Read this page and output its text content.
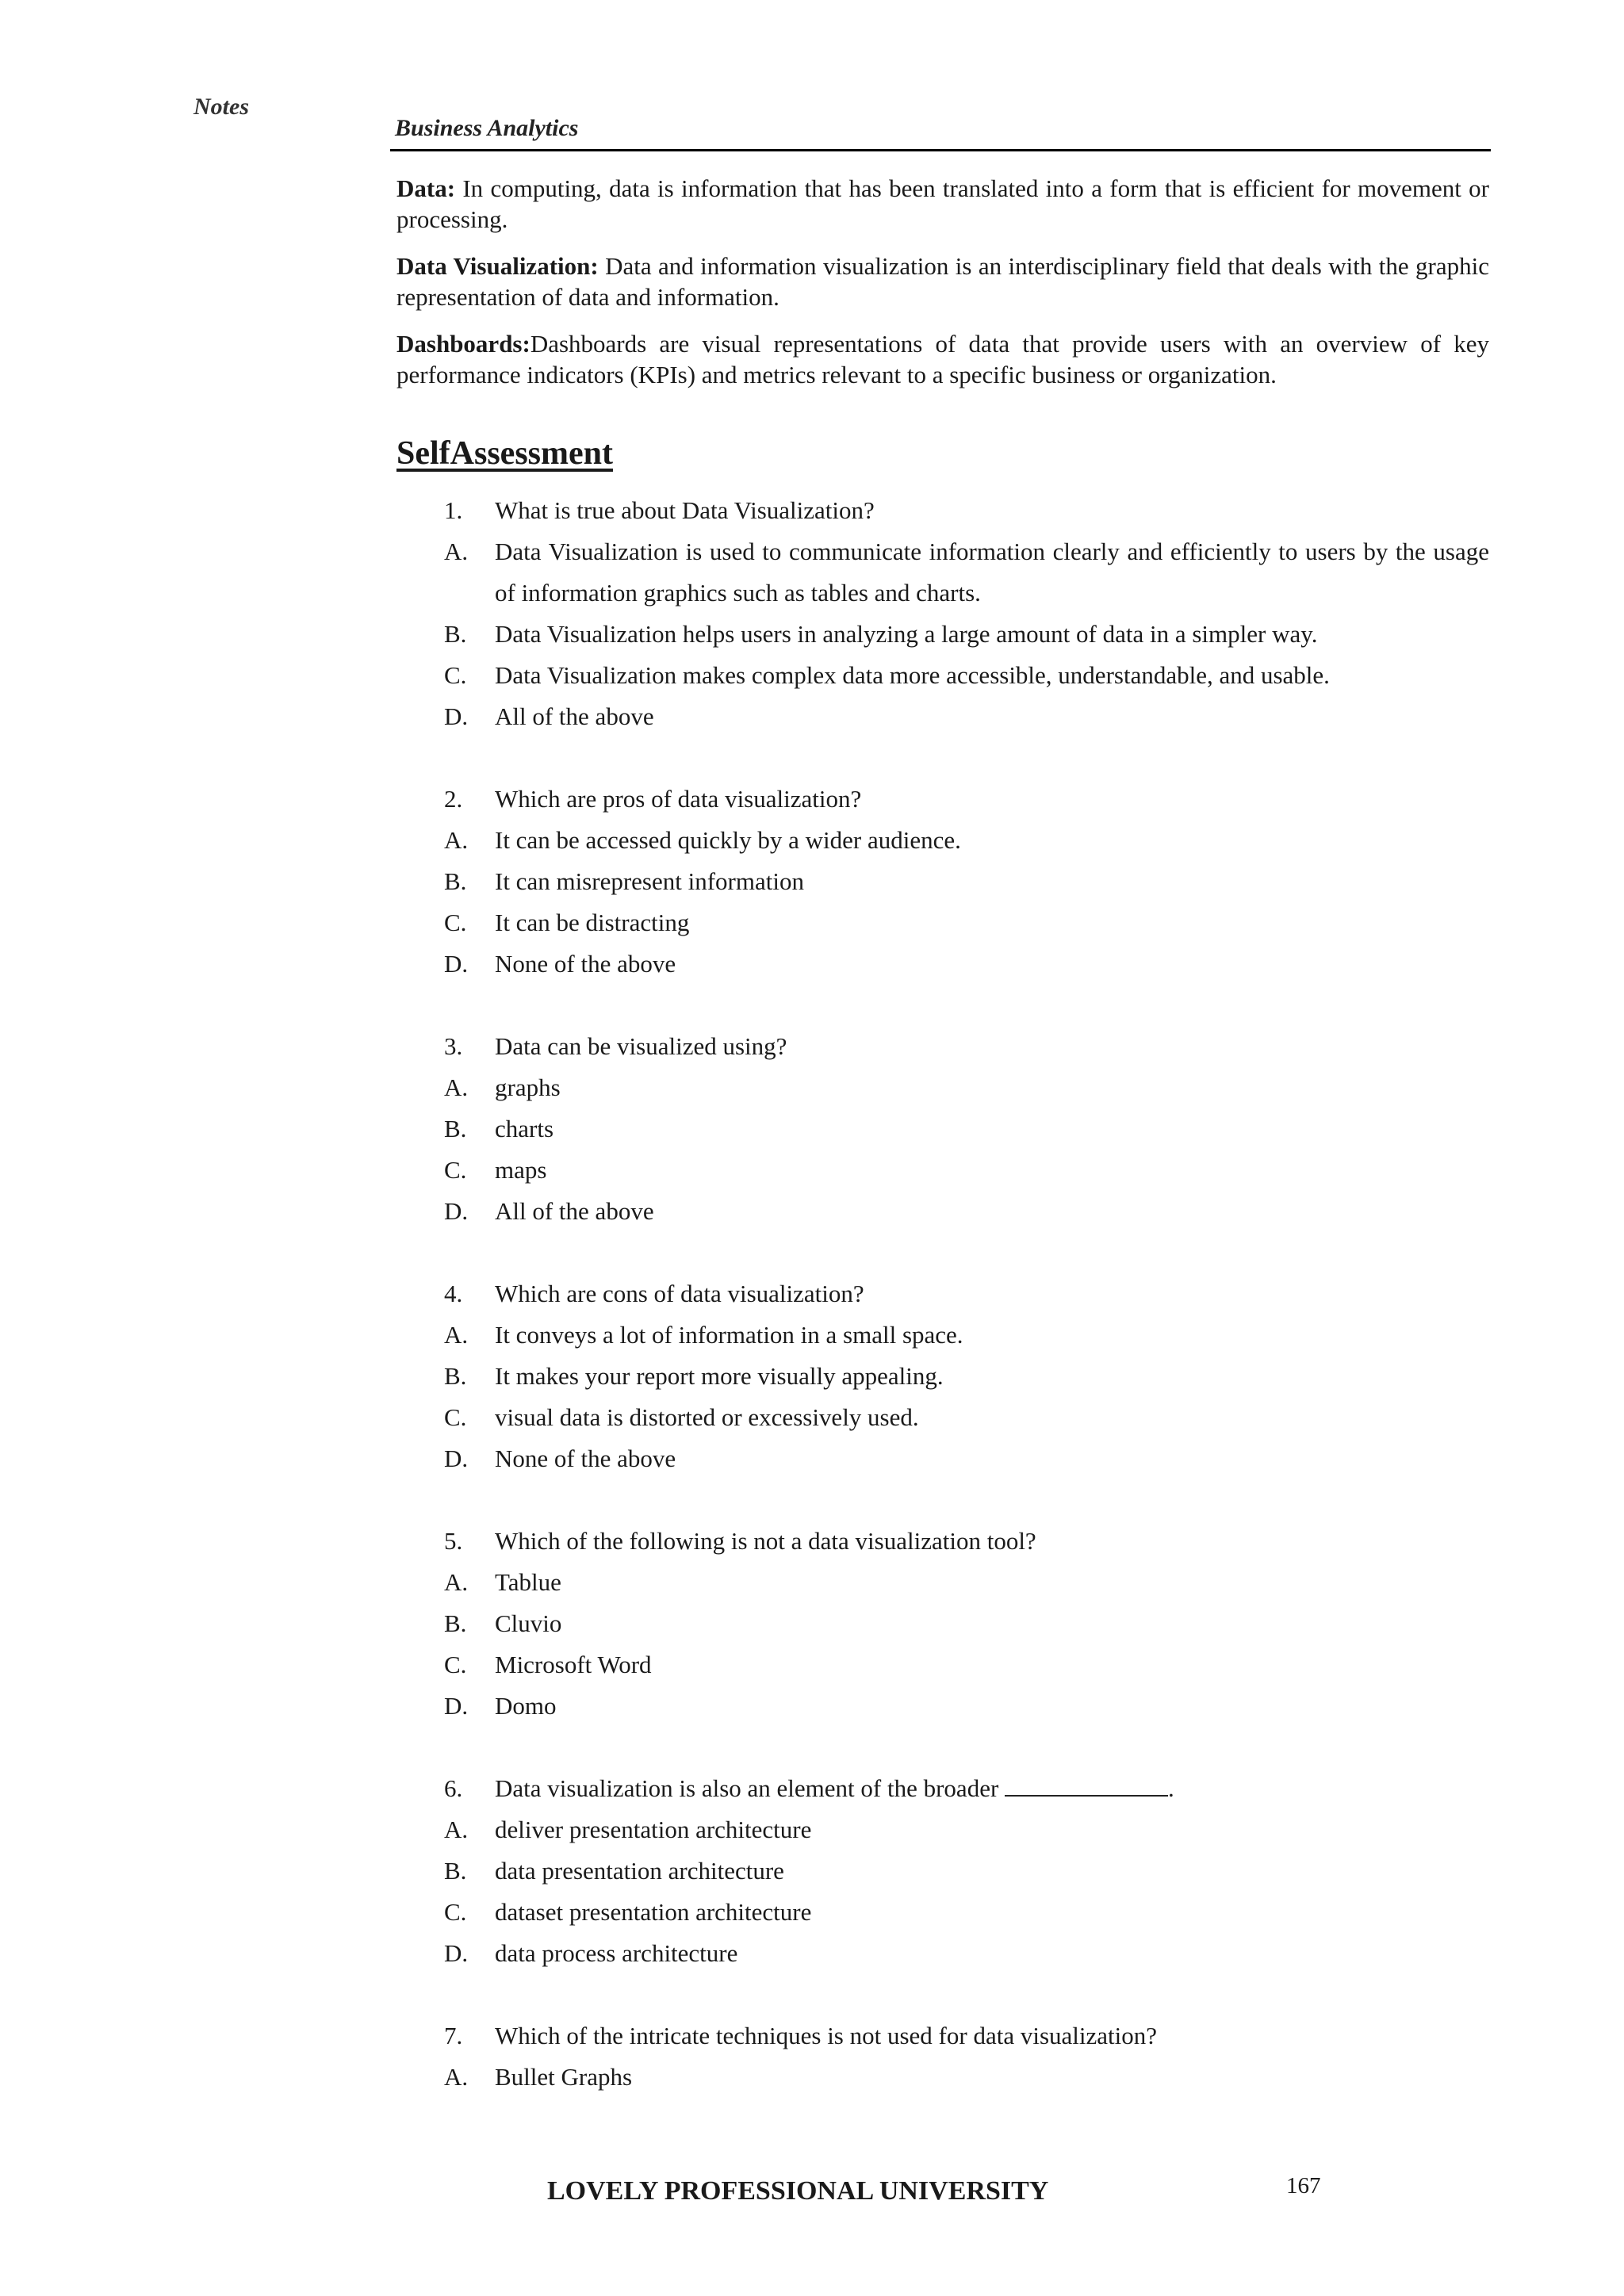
Notes
Business Analytics

Data: In computing, data is information that has been translated into a form that is efficient for movement or processing.

Data Visualization: Data and information visualization is an interdisciplinary field that deals with the graphic representation of data and information.

Dashboards:Dashboards are visual representations of data that provide users with an overview of key performance indicators (KPIs) and metrics relevant to a specific business or organization.

SelfAssessment
1.	What is true about Data Visualization?
A.	Data Visualization is used to communicate information clearly and efficiently to users by the usage of information graphics such as tables and charts.
B.	Data Visualization helps users in analyzing a large amount of data in a simpler way.
C.	Data Visualization makes complex data more accessible, understandable, and usable.
D.	All of the above
2.	Which are pros of data visualization?
A.	It can be accessed quickly by a wider audience.
B.	It can misrepresent information
C.	It can be distracting
D.	None of the above
3.	Data can be visualized using?
A.	graphs
B.	charts
C.	maps
D.	All of the above
4.	Which are cons of data visualization?
A.	It conveys a lot of information in a small space.
B.	It makes your report more visually appealing.
C.	visual data is distorted or excessively used.
D.	None of the above
5.	Which of the following is not a data visualization tool?
A.	Tablue
B.	Cluvio
C.	Microsoft Word
D.	Domo
6.	Data visualization is also an element of the broader	.
A.	deliver presentation architecture
B.	data presentation architecture
C.	dataset presentation architecture
D.	data process architecture
7.	Which of the intricate techniques is not used for data visualization?
A.	Bullet Graphs
LOVELY PROFESSIONAL UNIVERSITY	167
